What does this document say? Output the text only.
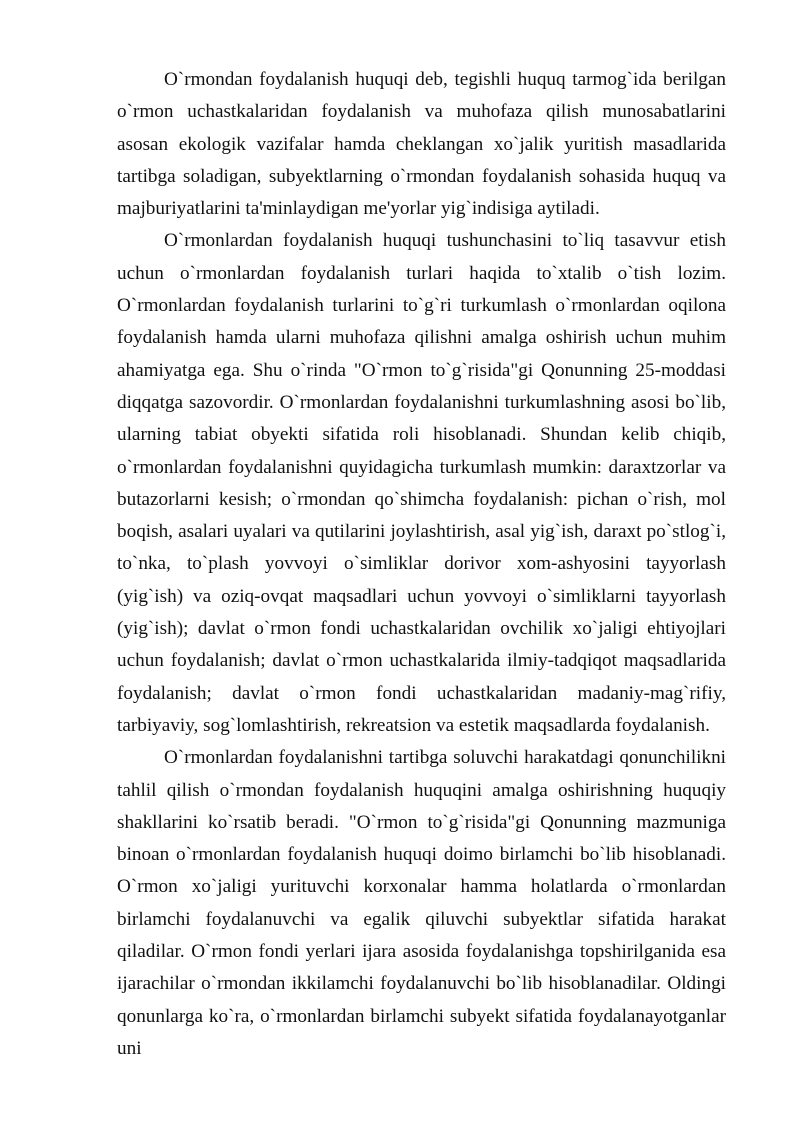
O`rmondan foydalanish huquqi deb, tegishli huquq tarmog`ida berilgan o`rmon uchastkalaridan foydalanish va muhofaza qilish munosabatlarini asosan ekologik vazifalar hamda cheklangan xo`jalik yuritish masadlarida tartibga soladigan, subyektlarning o`rmondan foydalanish sohasida huquq va majburiyatlarini ta'minlaydigan me'yorlar yig`indisiga aytiladi.

O`rmonlardan foydalanish huquqi tushunchasini to`liq tasavvur etish uchun o`rmonlardan foydalanish turlari haqida to`xtalib o`tish lozim. O`rmonlardan foydalanish turlarini to`g`ri turkumlash o`rmonlardan oqilona foydalanish hamda ularni muhofaza qilishni amalga oshirish uchun muhim ahamiyatga ega. Shu o`rinda "O`rmon to`g`risida"gi Qonunning 25-moddasi diqqatga sazovordir. O`rmonlardan foydalanishni turkumlashning asosi bo`lib, ularning tabiat obyekti sifatida roli hisoblanadi. Shundan kelib chiqib, o`rmonlardan foydalanishni quyidagicha turkumlash mumkin: daraxtzorlar va butazorlarni kesish; o`rmondan qo`shimcha foydalanish: pichan o`rish, mol boqish, asalari uyalari va qutilarini joylashtirish, asal yig`ish, daraxt po`stlog`i, to`nka, to`plash yovvoyi o`simliklar dorivor xom-ashyosini tayyorlash (yig`ish) va oziq-ovqat maqsadlari uchun yovvoyi o`simliklarni tayyorlash (yig`ish); davlat o`rmon fondi uchastkalaridan ovchilik xo`jaligi ehtiyojlari uchun foydalanish; davlat o`rmon uchastkalarida ilmiy-tadqiqot maqsadlarida foydalanish; davlat o`rmon fondi uchastkalaridan madaniy-mag`rifiy, tarbiyaviy, sog`lomlashtirish, rekreatsion va estetik maqsadlarda foydalanish.

O`rmonlardan foydalanishni tartibga soluvchi harakatdagi qonunchilikni tahlil qilish o`rmondan foydalanish huquqini amalga oshirishning huquqiy shakllarini ko`rsatib beradi. "O`rmon to`g`risida"gi Qonunning mazmuniga binoan o`rmonlardan foydalanish huquqi doimo birlamchi bo`lib hisoblanadi. O`rmon xo`jaligi yurituvchi korxonalar hamma holatlarda o`rmonlardan birlamchi foydalanuvchi va egalik qiluvchi subyektlar sifatida harakat qiladilar. O`rmon fondi yerlari ijara asosida foydalanishga topshirilganida esa ijarachilar o`rmondan ikkilamchi foydalanuvchi bo`lib hisoblanadilar. Oldingi qonunlarga ko`ra, o`rmonlardan birlamchi subyekt sifatida foydalanayotganlar uni
